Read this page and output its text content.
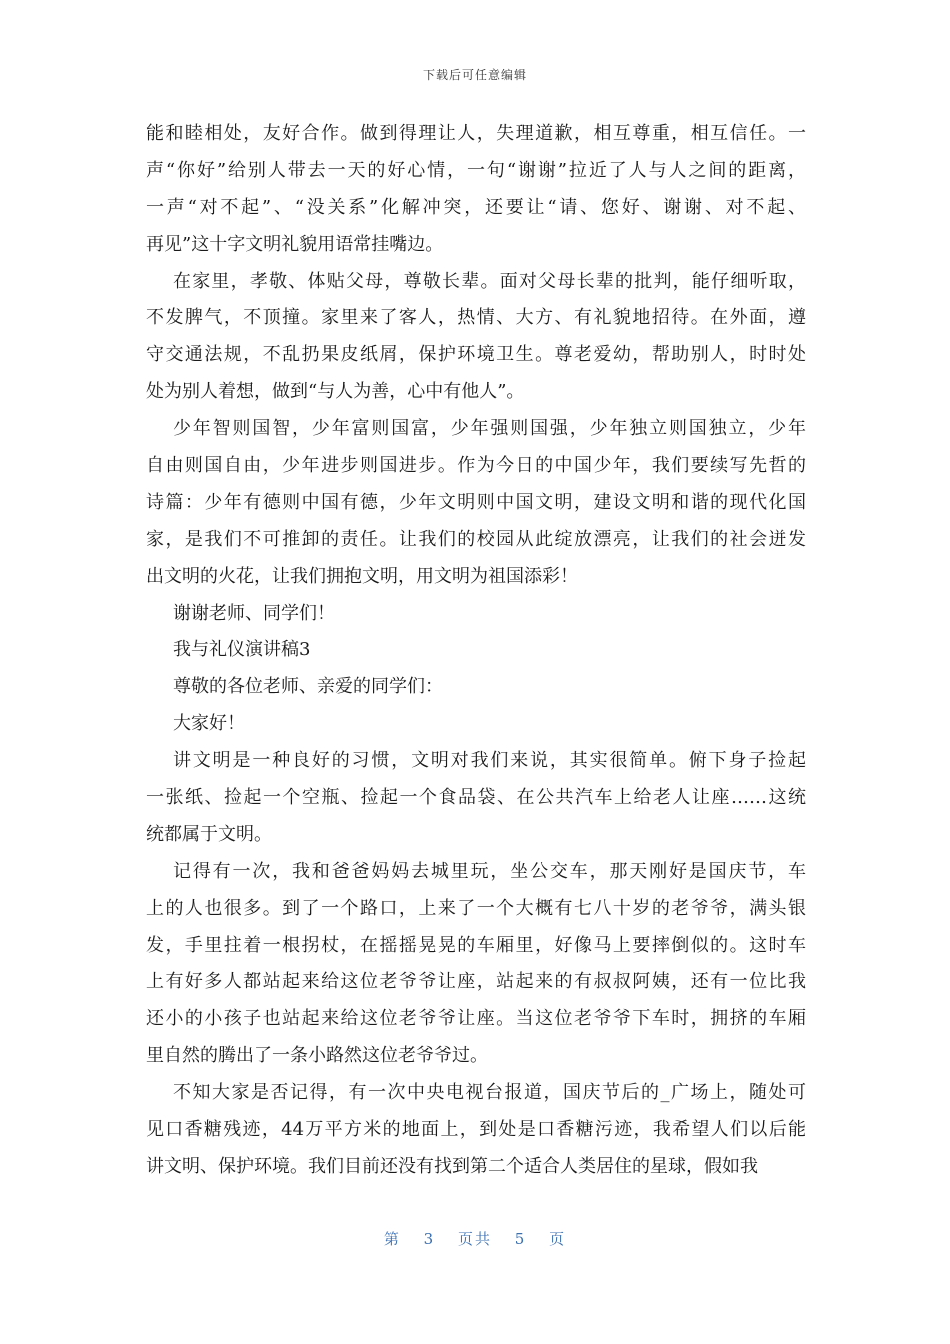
下载后可任意编辑
能和睦相处，友好合作。做到得理让人，失理道歉，相互尊重，相互信任。一
声“你好”给别人带去一天的好心情，一句“谢谢”拉近了人与人之间的距离，
一声“对不起”、“没关系”化解冲突，还要让“请、您好、谢谢、对不起、
再见”这十字文明礼貌用语常挂嘴边。
在家里，孝敬、体贴父母，尊敬长辈。面对父母长辈的批判，能仔细听取，
不发脾气，不顶撞。家里来了客人，热情、大方、有礼貌地招待。在外面，遵
守交通法规，不乱扔果皮纸屑，保护环境卫生。尊老爱幼，帮助别人，时时处
处为别人着想，做到“与人为善，心中有他人”。
少年智则国智，少年富则国富，少年强则国强，少年独立则国独立，少年
自由则国自由，少年进步则国进步。作为今日的中国少年，我们要续写先哲的
诗篇：少年有德则中国有德，少年文明则中国文明，建设文明和谐的现代化国
家，是我们不可推卸的责任。让我们的校园从此绽放漂亮，让我们的社会迸发
出文明的火花，让我们拥抱文明，用文明为祖国添彩！
谢谢老师、同学们！
我与礼仪演讲稿3
尊敬的各位老师、亲爱的同学们：
大家好！
讲文明是一种良好的习惯，文明对我们来说，其实很简单。俯下身子捡起
一张纸、捡起一个空瓶、捡起一个食品袋、在公共汽车上给老人让座……这统
统都属于文明。
记得有一次，我和爸爸妈妈去城里玩，坐公交车，那天刚好是国庆节，车
上的人也很多。到了一个路口，上来了一个大概有七八十岁的老爷爷，满头银
发，手里拄着一根拐杖，在摇摇晃晃的车厢里，好像马上要摔倒似的。这时车
上有好多人都站起来给这位老爷爷让座，站起来的有叔叔阿姨，还有一位比我
还小的小孩子也站起来给这位老爷爷让座。当这位老爷爷下车时，拥挤的车厢
里自然的腾出了一条小路然这位老爷爷过。
不知大家是否记得，有一次中央电视台报道，国庆节后的_广场上，随处可
见口香糖残迹，44万平方米的地面上，到处是口香糖污迹，我希望人们以后能
讲文明、保护环境。我们目前还没有找到第二个适合人类居住的星球，假如我
第 3 页共 5 页
